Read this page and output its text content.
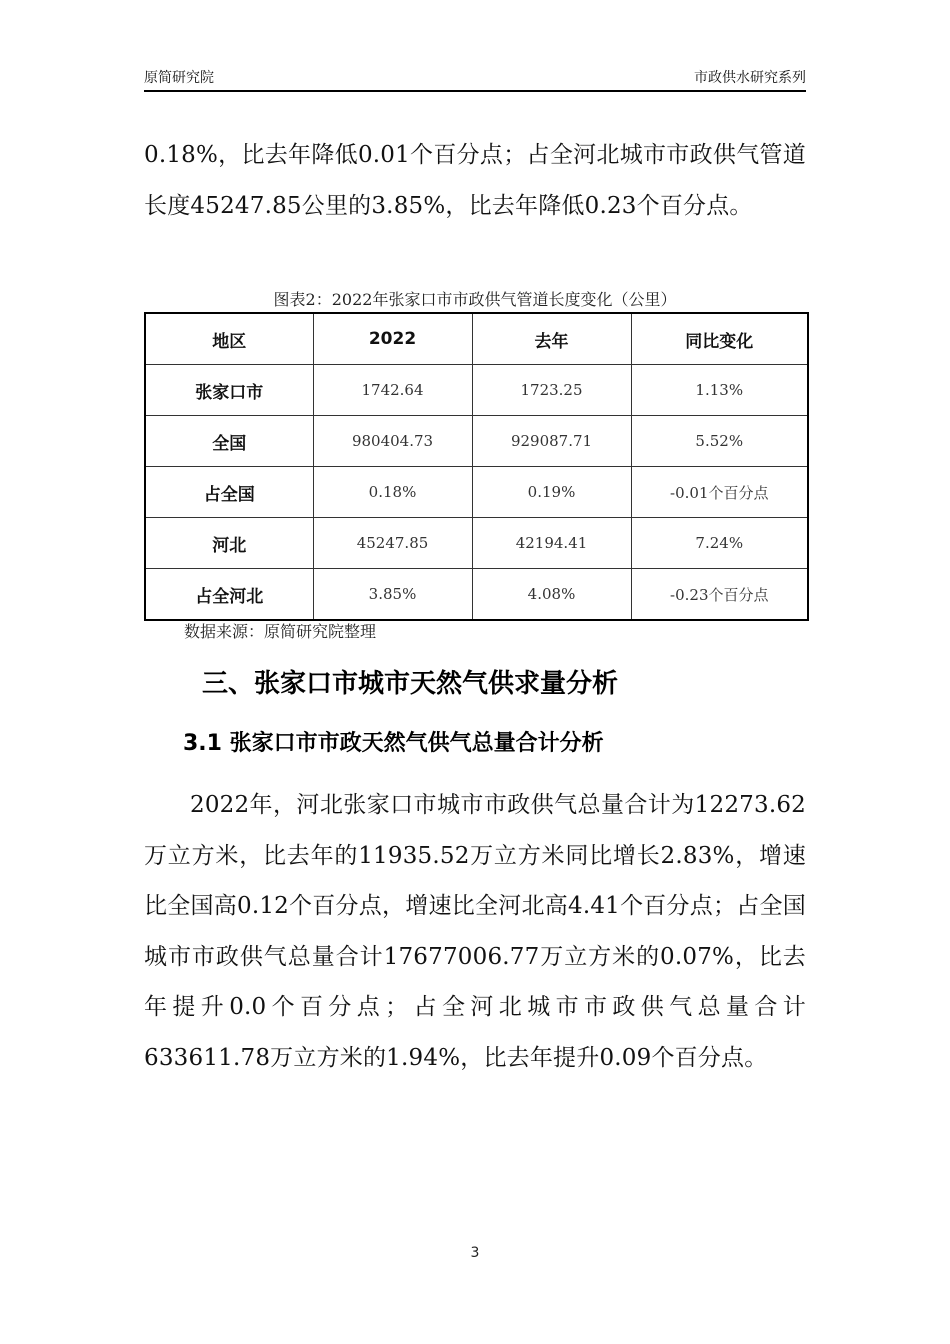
原简研究院	市政供水研究系列

0.18%，比去年降低0.01个百分点；占全河北城市市政供气管道长度45247.85公里的3.85%，比去年降低0.23个百分点。

图表2：2022年张家口市市政供气管道长度变化（公里）
地区	2022	去年	同比变化
张家口市	1742.64	1723.25	1.13%
全国	980404.73	929087.71	5.52%
占全国	0.18%	0.19%	-0.01个百分点
河北	45247.85	42194.41	7.24%
占全河北	3.85%	4.08%	-0.23个百分点
数据来源：原简研究院整理
三、张家口市城市天然气供求量分析
3.1 张家口市市政天然气供气总量合计分析

2022年，河北张家口市城市市政供气总量合计为12273.62万立方米，比去年的11935.52万立方米同比增长2.83%，增速比全国高0.12个百分点，增速比全河北高4.41个百分点；占全国城市市政供气总量合计17677006.77万立方米的0.07%，比去年提升0.0个百分点；占全河北城市市政供气总量合计633611.78万立方米的1.94%，比去年提升0.09个百分点。

3
